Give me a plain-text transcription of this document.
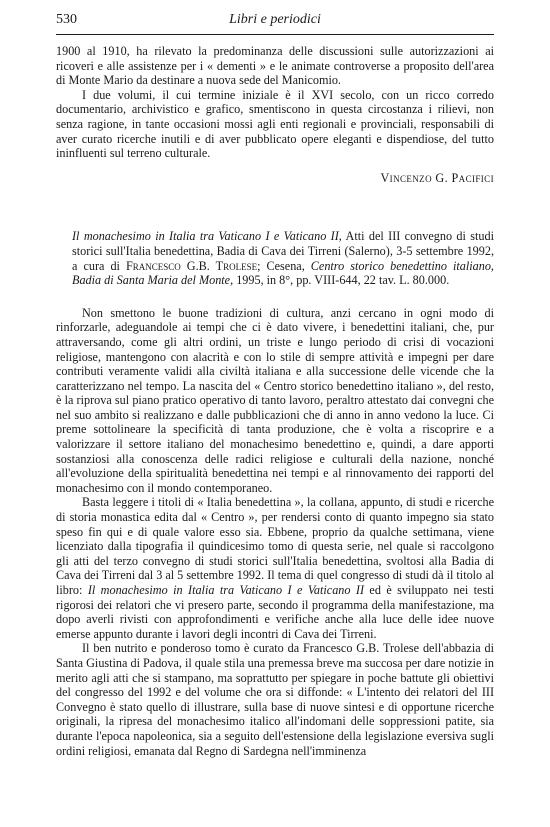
530	Libri e periodici

1900 al 1910, ha rilevato la predominanza delle discussioni sulle autorizzazioni ai ricoveri e alle assistenze per i « dementi » e le animate controverse a proposito dell'area di Monte Mario da destinare a nuova sede del Manicomio.

I due volumi, il cui termine iniziale è il XVI secolo, con un ricco corredo documentario, archivistico e grafico, smentiscono in questa circostanza i rilievi, non senza ragione, in tante occasioni mossi agli enti regionali e provinciali, responsabili di aver curato ricerche inutili e di aver pubblicato opere eleganti e dispendiose, del tutto ininfluenti sul terreno culturale.

Vincenzo G. Pacifici

Il monachesimo in Italia tra Vaticano I e Vaticano II, Atti del III convegno di studi storici sull'Italia benedettina, Badia di Cava dei Tirreni (Salerno), 3-5 settembre 1992, a cura di Francesco G.B. Trolese; Cesena, Centro storico benedettino italiano, Badia di Santa Maria del Monte, 1995, in 8°, pp. VIII-644, 22 tav. L. 80.000.

Non smettono le buone tradizioni di cultura, anzi cercano in ogni modo di rinforzarle, adeguandole ai tempi che ci è dato vivere, i benedettini italiani, che, pur attraversando, come gli altri ordini, un triste e lungo periodo di crisi di vocazioni religiose, mantengono con alacrità e con lo stile di sempre attività e impegni per dare contributi veramente validi alla civiltà italiana e alla successione delle vicende che la caratterizzano nel tempo. La nascita del « Centro storico benedettino italiano », del resto, è la riprova sul piano pratico operativo di tanto lavoro, peraltro attestato dai convegni che nel suo ambito si realizzano e dalle pubblicazioni che di anno in anno vedono la luce. Ci preme sottolineare la specificità di tanta produzione, che è volta a riscoprire e a valorizzare il settore italiano del monachesimo benedettino e, quindi, a dare apporti sostanziosi alla conoscenza delle radici religiose e culturali della nazione, nonché all'evoluzione della spiritualità benedettina nei tempi e al rinnovamento dei rapporti del monachesimo con il mondo contemporaneo.

Basta leggere i titoli di « Italia benedettina », la collana, appunto, di studi e ricerche di storia monastica edita dal « Centro », per rendersi conto di quanto impegno sia stato speso fin qui e di quale valore esso sia. Ebbene, proprio da qualche settimana, viene licenziato dalla tipografia il quindicesimo tomo di questa serie, nel quale si raccolgono gli atti del terzo convegno di studi storici sull'Italia benedettina, svoltosi alla Badia di Cava dei Tirreni dal 3 al 5 settembre 1992. Il tema di quel congresso di studi dà il titolo al libro: Il monachesimo in Italia tra Vaticano I e Vaticano II ed è sviluppato nei testi rigorosi dei relatori che vi presero parte, secondo il programma della manifestazione, ma dopo averli rivisti con approfondimenti e verifiche anche alla luce delle idee nuove emerse appunto durante i lavori degli incontri di Cava dei Tirreni.

Il ben nutrito e ponderoso tomo è curato da Francesco G.B. Trolese dell'abbazia di Santa Giustina di Padova, il quale stila una premessa breve ma succosa per dare notizie in merito agli atti che si stampano, ma soprattutto per spiegare in poche battute gli obiettivi del congresso del 1992 e del volume che ora si diffonde: « L'intento dei relatori del III Convegno è stato quello di illustrare, sulla base di nuove sintesi e di opportune ricerche originali, la ripresa del monachesimo italico all'indomani delle soppressioni patite, sia durante l'epoca napoleonica, sia a seguito dell'estensione della legislazione eversiva sugli ordini religiosi, emanata dal Regno di Sardegna nell'imminenza
